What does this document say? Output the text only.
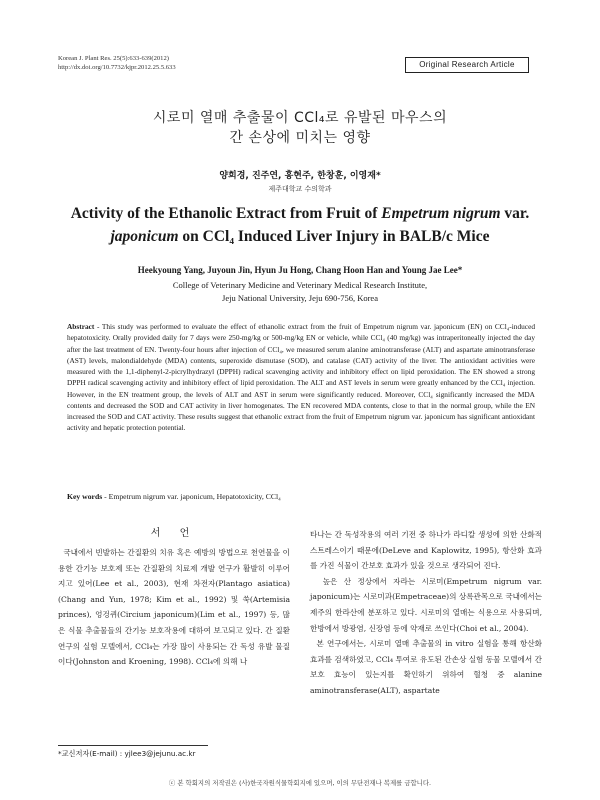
Korean J. Plant Res. 25(5):633-639(2012)
http://dx.doi.org/10.7732/kjpr.2012.25.5.633	Original Research Article
시로미 열매 추출물이 CCl₄로 유발된 마우스의
간 손상에 미치는 영향
양희경, 진주연, 홍현주, 한창훈, 이영재*
제주대학교 수의학과
Activity of the Ethanolic Extract from Fruit of Empetrum nigrum var.
japonicum on CCl₄ Induced Liver Injury in BALB/c Mice
Heekyoung Yang, Juyoun Jin, Hyun Ju Hong, Chang Hoon Han and Young Jae Lee*
College of Veterinary Medicine and Veterinary Medical Research Institute,
Jeju National University, Jeju 690-756, Korea
Abstract - This study was performed to evaluate the effect of ethanolic extract from the fruit of Empetrum nigrum var. japonicum (EN) on CCl₄-induced hepatotoxicity. Orally provided daily for 7 days were 250-mg/kg or 500-mg/kg EN or vehicle, while CCl₄ (40 mg/kg) was intraperitoneally injected the day after the last treatment of EN. Twenty-four hours after injection of CCl₄, we measured serum alanine aminotransferase (ALT) and aspartate aminotransferase (AST) levels, malondialdehyde (MDA) contents, superoxide dismutase (SOD), and catalase (CAT) activity of the liver. The antioxidant activities were measured with the 1,1-diphenyl-2-picrylhydrazyl (DPPH) radical scavenging activity and inhibitory effect on lipid peroxidation. The EN showed a strong DPPH radical scavenging activity and inhibitory effect of lipid peroxidation. The ALT and AST levels in serum were greatly enhanced by the CCl₄ injection. However, in the EN treatment group, the levels of ALT and AST in serum were significantly reduced. Moreover, CCl₄ significantly increased the MDA contents and decreased the SOD and CAT activity in liver homogenates. The EN recovered MDA contents, close to that in the normal group, while the EN increased the SOD and CAT activity. These results suggest that ethanolic extract from the fruit of Empetrum nigrum var. japonicum has significant antioxidant activity and hepatic protection potential.
Key words - Empetrum nigrum var. japonicum, Hepatotoxicity, CCl₄
서 언

국내에서 빈발하는 간질환의 치유 혹은 예방의 방법으로 천연물을 이용한 간기능 보호제 또는 간질환의 치료제 개발 연구가 활발히 이루어지고 있어(Lee et al., 2003), 현재 차전자(Plantago asiatica)(Chang and Yun, 1978; Kim et al., 1992) 및 쑥(Artemisia princes), 엉겅퀴(Circium japonicum)(Lim et al., 1997) 등, 많은 식물 추출물들의 간기능 보호작용에 대하여 보고되고 있다. 간 질환 연구의 실험 모델에서, CCl₄는 가장 많이 사용되는 간 독성 유발 물질이다(Johnston and Kroening, 1998). CCl₄에 의해 나

타나는 간 독성작용의 여러 기전 중 하나가 라디칼 생성에 의한 산화적 스트레스이기 때문에(DeLeve and Kaplowitz, 1995), 항산화 효과를 가진 식물이 간보호 효과가 있을 것으로 생각되어 진다.

높은 산 정상에서 자라는 시로미(Empetrum nigrum var. japonicum)는 시로미과(Empetraceae)의 상록관목으로 국내에서는 제주의 한라산에 분포하고 있다. 시로미의 열매는 식용으로 사용되며, 한방에서 방광염, 신장염 등에 약재로 쓰인다(Choi et al., 2004).

본 연구에서는, 시로미 열매 추출물의 in vitro 실험을 통해 항산화 효과를 검색하였고, CCl₄ 투여로 유도된 간손상 실험 동물 모델에서 간보호 효능이 있는지를 확인하기 위하여 혈청 중 alanine aminotransferase(ALT), aspartate

*교신저자(E-mail) : yjlee3@jejunu.ac.kr
ⓒ 본 학회지의 저작권은 (사)한국자원식물학회지에 있으며, 이의 무단전재나 복제를 금합니다.
